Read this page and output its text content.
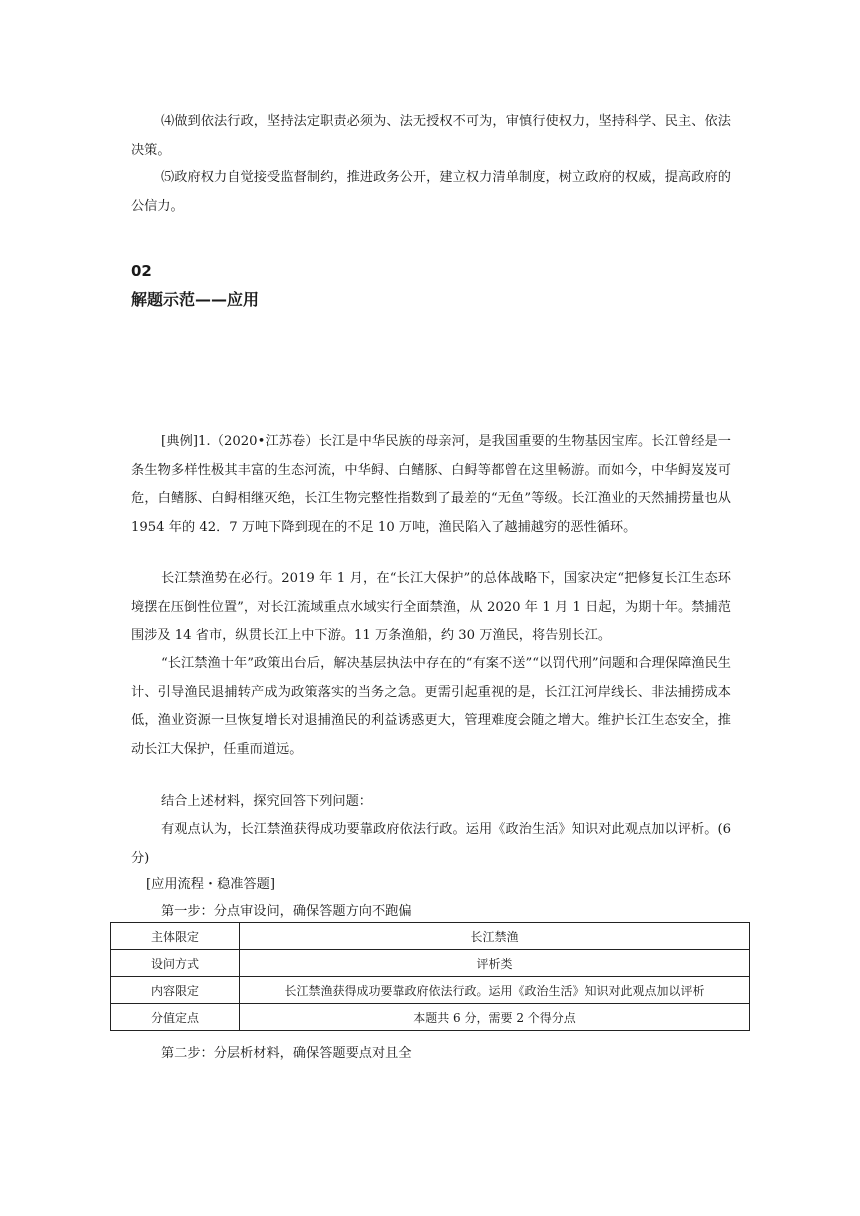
⑷做到依法行政，坚持法定职责必须为、法无授权不可为，审慎行使权力，坚持科学、民主、依法决策。

⑸政府权力自觉接受监督制约，推进政务公开，建立权力清单制度，树立政府的权威，提高政府的公信力。

02

解题示范——应用

[典例]1.（2020•江苏卷）长江是中华民族的母亲河，是我国重要的生物基因宝库。长江曾经是一条生物多样性极其丰富的生态河流，中华鲟、白鳍豚、白鲟等都曾在这里畅游。而如今，中华鲟岌岌可危，白鳍豚、白鲟相继灭绝，长江生物完整性指数到了最差的“无鱼”等级。长江渔业的天然捕捞量也从 1954 年的 42．7 万吨下降到现在的不足 10 万吨，渔民陷入了越捕越穷的恶性循环。

长江禁渔势在必行。2019 年 1 月，在“长江大保护”的总体战略下，国家决定“把修复长江生态环境摆在压倒性位置”，对长江流域重点水域实行全面禁渔，从 2020 年 1 月 1 日起，为期十年。禁捕范围涉及 14 省市，纵贯长江上中下游。11 万条渔船，约 30 万渔民，将告别长江。

“长江禁渔十年”政策出台后，解决基层执法中存在的“有案不送”“以罚代刑”问题和合理保障渔民生计、引导渔民退捕转产成为政策落实的当务之急。更需引起重视的是，长江江河岸线长、非法捕捞成本低，渔业资源一旦恢复增长对退捕渔民的利益诱惑更大，管理难度会随之增大。维护长江生态安全，推动长江大保护，任重而道远。

结合上述材料，探究回答下列问题：

有观点认为，长江禁渔获得成功要靠政府依法行政。运用《政治生活》知识对此观点加以评析。(6 分)

[应用流程・稳准答题]

第一步：分点审设问，确保答题方向不跑偏

主体限定	长江禁渔
设问方式	评析类
内容限定	长江禁渔获得成功要靠政府依法行政。运用《政治生活》知识对此观点加以评析
分值定点	本题共 6 分，需要 2 个得分点

第二步：分层析材料，确保答题要点对且全
